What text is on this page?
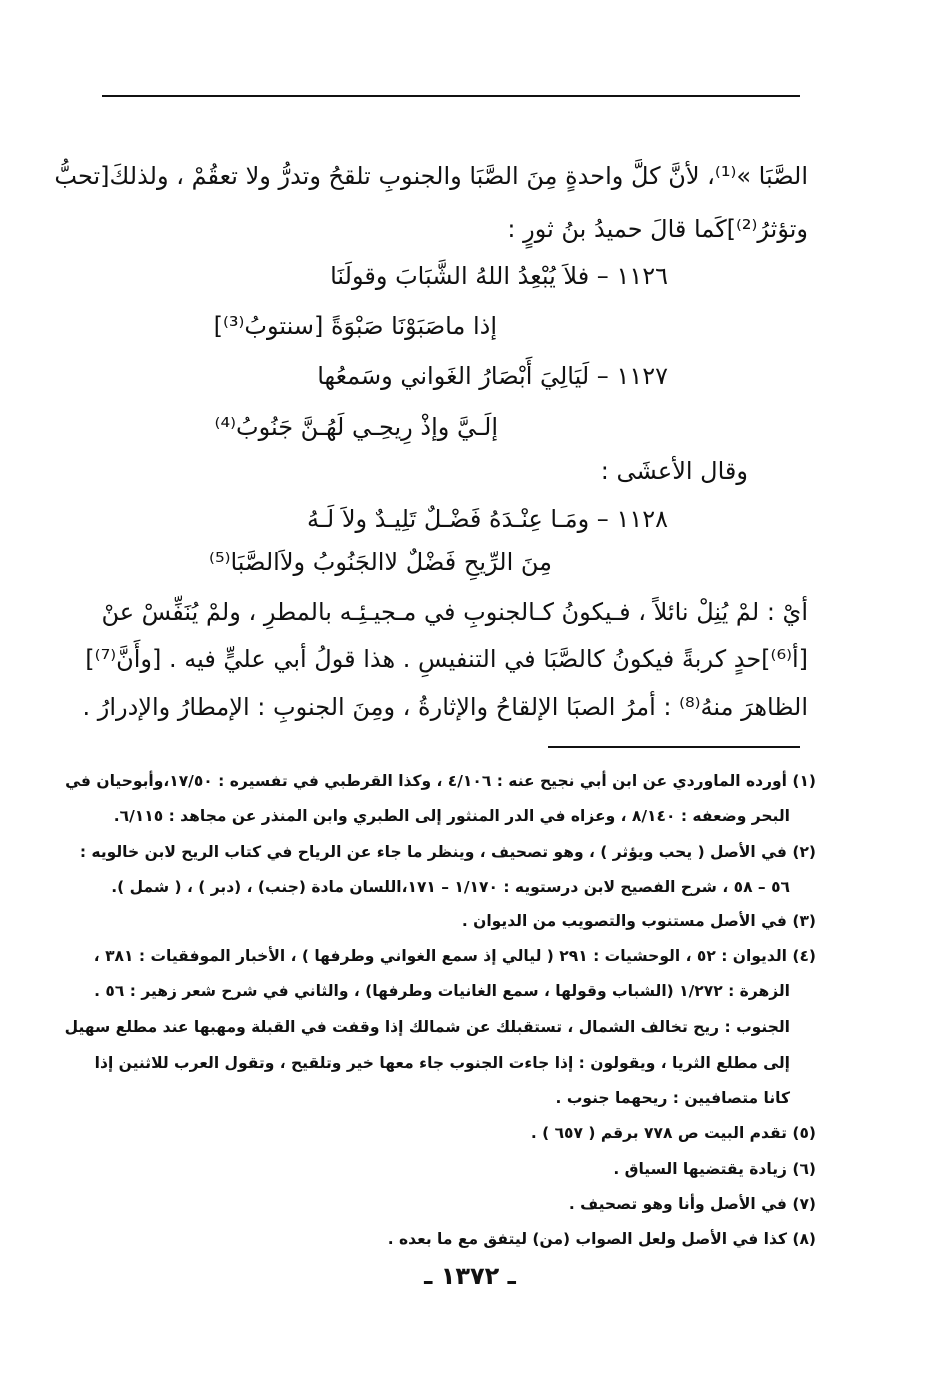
الصَّبَا »⁽¹⁾، لأنَّ كلَّ واحدةٍ مِنَ الصَّبَا والجنوبِ تلقحُ وتدرُّ ولا تعقُمْ ، ولذلكَ[تحبُّ
وتؤثرُ⁽²⁾]كَما قالَ حميدُ بنُ ثورٍ :
١١٢٦ – فلاَ يُبْعِدُ اللهُ الشَّبَابَ وقولَنَا
إذا ماصَبَوْنَا صَبْوَةً [سنتوبُ⁽³⁾]
١١٢٧ – لَيَالِيَ أَبْصَارُ الغَواني وسَمعُها
إلَـيَّ وإذْ رِيحِـي لَهُـنَّ جَنُوبُ⁽⁴⁾
وقال الأعشَى :
١١٢٨ – ومَـا عِنْـدَهُ فَضْـلٌ تَلِيـدٌ ولاَ لَـهُ
مِنَ الرِّيحِ فَضْلٌ لاالجَنُوبُ ولاَالصَّبَا⁽⁵⁾
أيْ : لمْ يُنِلْ نائلاً ، فـيكونُ كـالجنوبِ في مـجيـئِـه بالمطرِ ، ولمْ يُنَفِّسْ عنْ
[أ⁽⁶⁾]حدٍ كربةً فيكونُ كالصَّبَا في التنفيسِ . هذا قولُ أبي عليٍّ فيه . [وأَنَّ⁽⁷⁾]
الظاهرَ منهُ⁽⁸⁾ : أمرُ الصبَا الإلقاحُ والإثارةُ ، ومِنَ الجنوبِ : الإمطارُ والإدرارُ .
(١) أورده الماوردي عن ابن أبي نجيح عنه : ٤/١٠٦ ، وكذا القرطبي في تفسيره : ١٧/٥٠،وأبوحيان في
البحر وضعفه : ٨/١٤٠ ، وعزاه في الدر المنثور إلى الطبري وابن المنذر عن مجاهد : ٦/١١٥.
(٢) في الأصل ( يحب ويؤثر ) ، وهو تصحيف ، وينظر ما جاء عن الرياح في كتاب الريح لابن خالويه :
٥٦ – ٥٨ ، شرح الفصيح لابن درستويه : ١/١٧٠ – ١٧١،اللسان مادة (جنب) ، (دبر ) ، ( شمل ).
(٣) في الأصل مستنوب والتصويب من الديوان .
(٤) الديوان : ٥٢ ، الوحشيات : ٢٩١ ( ليالي إذ سمع الغواني وطرفها ) ، الأخبار الموفقيات : ٣٨١ ،
الزهرة : ١/٢٧٢ (الشباب وقولها ، سمع الغانيات وطرفها) ، والثاني في شرح شعر زهير : ٥٦ .
الجنوب : ريح تخالف الشمال ، تستقبلك عن شمالك إذا وقفت في القبلة ومهبها عند مطلع سهيل
إلى مطلع الثريا ، ويقولون : إذا جاءت الجنوب جاء معها خير وتلقيح ، وتقول العرب للاثنين إذا
كانا متصافيين : ريحهما جنوب .
(٥) تقدم البيت ص ٧٧٨ برقم ( ٦٥٧ ) .
(٦) زيادة يقتضيها السياق .
(٧) في الأصل وأنا وهو تصحيف .
(٨) كذا في الأصل ولعل الصواب (من) ليتفق مع ما بعده .
ـ ١٣٧٢ ـ
